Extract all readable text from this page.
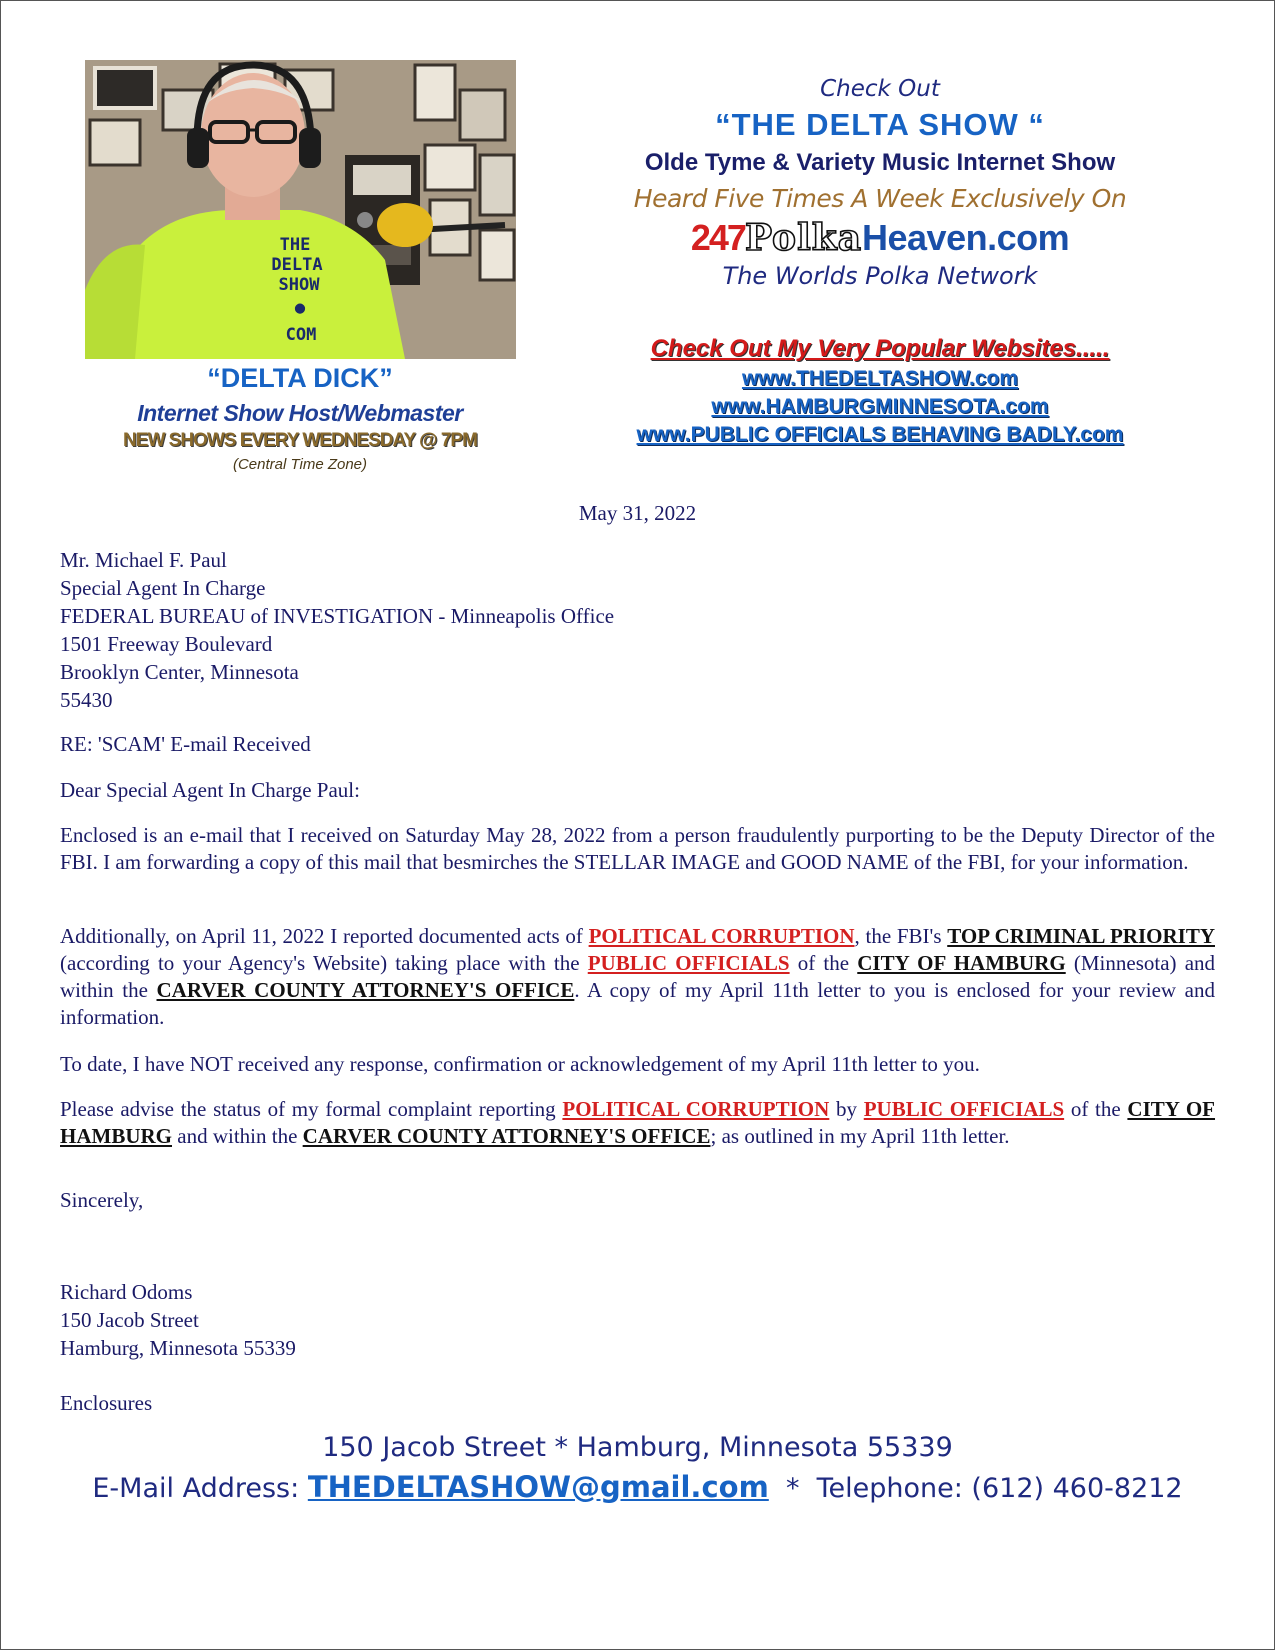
THE
DELTA
SHOW
●
COM
“DELTA DICK”
Internet Show Host/Webmaster
NEW SHOWS EVERY WEDNESDAY @ 7PM
(Central Time Zone)
Check Out
“THE DELTA SHOW “
Olde Tyme & Variety Music Internet Show
Heard Five Times A Week Exclusively On
247PolkaHeaven.com
The Worlds Polka Network
Check Out My Very Popular Websites.....
www.THEDELTASHOW.com
www.HAMBURGMINNESOTA.com
www.PUBLIC OFFICIALS BEHAVING BADLY.com
May 31, 2022
Mr. Michael F. Paul
Special Agent In Charge
FEDERAL BUREAU of INVESTIGATION - Minneapolis Office
1501 Freeway Boulevard
Brooklyn Center, Minnesota
55430
RE: 'SCAM' E-mail Received
Dear Special Agent In Charge Paul:
Enclosed is an e-mail that I received on Saturday May 28, 2022 from a person fraudulently purporting to be the Deputy Director of the FBI. I am forwarding a copy of this mail that besmirches the STELLAR IMAGE and GOOD NAME of the FBI, for your information.
Additionally, on April 11, 2022 I reported documented acts of POLITICAL CORRUPTION, the FBI's TOP CRIMINAL PRIORITY (according to your Agency's Website) taking place with the PUBLIC OFFICIALS of the CITY OF HAMBURG (Minnesota) and within the CARVER COUNTY ATTORNEY'S OFFICE. A copy of my April 11th letter to you is enclosed for your review and information.
To date, I have NOT received any response, confirmation or acknowledgement of my April 11th letter to you.
Please advise the status of my formal complaint reporting POLITICAL CORRUPTION by PUBLIC OFFICIALS of the CITY OF HAMBURG and within the CARVER COUNTY ATTORNEY'S OFFICE; as outlined in my April 11th letter.
Sincerely,
Richard Odoms
150 Jacob Street
Hamburg, Minnesota 55339
Enclosures
150 Jacob Street * Hamburg, Minnesota 55339
E-Mail Address: THEDELTASHOW@gmail.com  *  Telephone: (612) 460-8212
